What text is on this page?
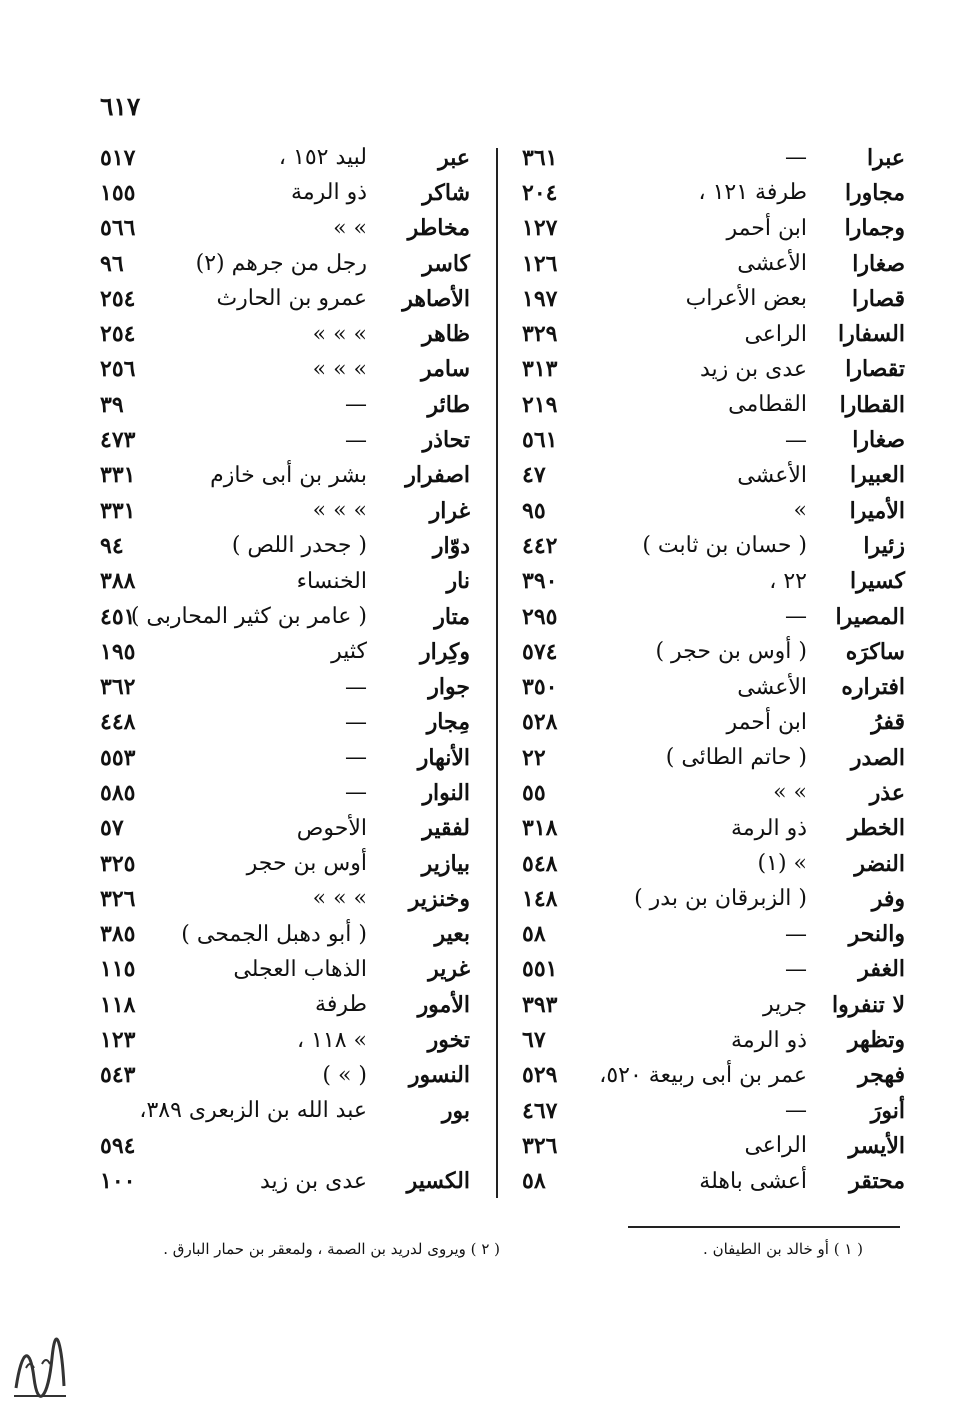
٦١٧
عبرا
—
٣٦١
مجاورا
طرفة ١٢١ ،
٢٠٤
وجمارا
ابن أحمر
١٢٧
صغارا
الأعشى
١٢٦
قصارا
بعض الأعراب
١٩٧
السفارا
الراعى
٣٢٩
تقصارا
عدى بن زيد
٣١٣
القطارا
القطامى
٢١٩
صغارا
—
٥٦١
العبيرا
الأعشى
٤٧
الأميرا
»
٩٥
زئيرا
( حسان بن ثابت )
٤٤٢
كسيرا
٢٢ ،
٣٩٠
المصيرا
—
٢٩٥
ساكرَه
( أوس بن حجر )
٥٧٤
افتراره
الأعشى
٣٥٠
قفرُ
ابن أحمر
٥٢٨
الصدر
( حاتم الطائى )
٢٢
عذر
» »
٥٥
الخطر
ذو الرمة
٣١٨
النضر
» (١)
٥٤٨
وفر
( الزبرقان بن بدر )
١٤٨
والنحر
—
٥٨
الغفر
—
٥٥١
لا تنفروا
جرير
٣٩٣
وتظهر
ذو الرمة
٦٧
فهجر
عمر بن أبى ربيعة ٥٢٠،
٥٢٩
أنورَ
—
٤٦٧
الأيسر
الراعى
٣٢٦
محتقر
أعشى باهلة
٥٨
عبر
لبيد ١٥٢ ،
٥١٧
شاكر
ذو الرمة
١٥٥
مخاطر
» »
٥٦٦
كاسر
رجل من جرهم (٢)
٩٦
الأصاهر
عمرو بن الحارث
٢٥٤
ظاهر
» » »
٢٥٤
سامر
» » »
٢٥٦
طائر
—
٣٩
تحاذر
—
٤٧٣
اصفرار
بشر بن أبى خازم
٣٣١
غرار
» » »
٣٣١
دوّار
( جحدر اللص )
٩٤
نار
الخنساء
٣٨٨
متار
( عامر بن كثير المحاربى )
٤٥١
وكِرار
كثير
١٩٥
جوار
—
٣٦٢
مِجار
—
٤٤٨
الأنهار
—
٥٥٣
النوار
—
٥٨٥
لفقير
الأحوص
٥٧
بيازير
أوس بن حجر
٣٢٥
وخنزير
» » »
٣٢٦
بعير
( أبو دهبل الجمحى )
٣٨٥
غرير
الذهاب العجلى
١١٥
الأمور
طرفة
١١٨
تخور
» ١١٨ ،
١٢٣
النسور
( » )
٥٤٣
بور
عبد الله بن الزبعرى ٣٨٩،
٥٩٤
الكسير
عدى بن زيد
١٠٠
( ١ ) أو خالد بن الطيفان .
( ٢ ) ويروى لدريد بن الصمة ، ولمعقر بن حمار البارق .
